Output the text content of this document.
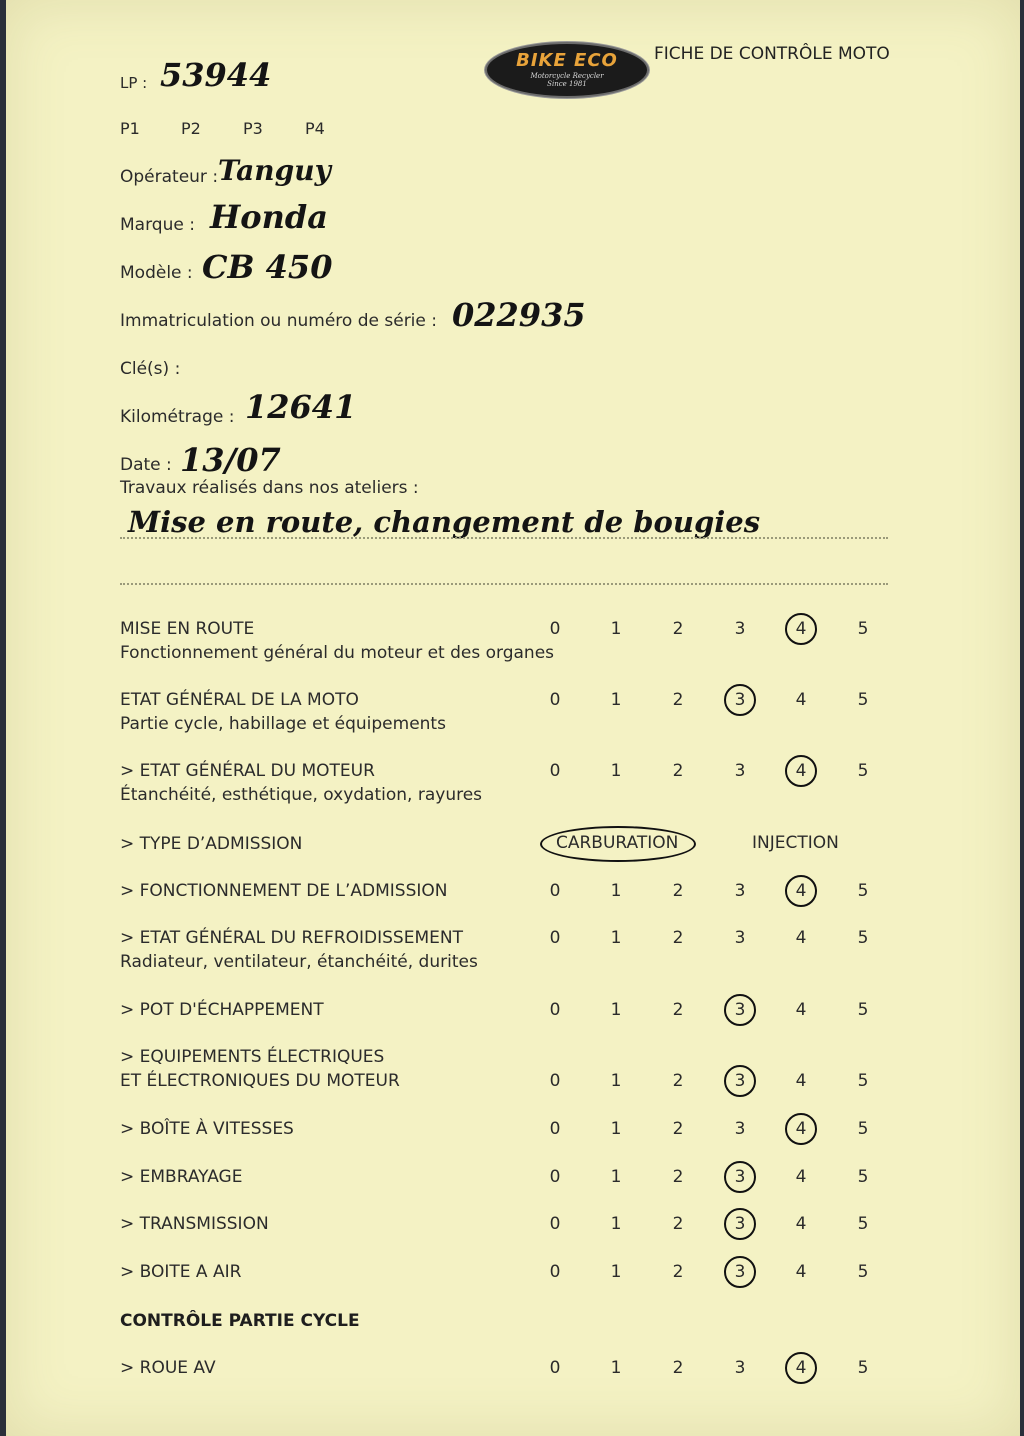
BIKE ECO
Motorcycle Recycler
Since 1981
FICHE DE CONTRÔLE MOTO
LP : 53944
P1	P2	P3	P4
Opérateur : Tanguy
Marque : Honda
Modèle : CB 450
Immatriculation ou numéro de série : 022935
Clé(s) :
Kilométrage : 12641
Date : 13/07
Travaux réalisés dans nos ateliers :
Mise en route, changement de bougies
MISE EN ROUTE
Fonctionnement général du moteur et des organes
0	1	2	3	4	5
ETAT GÉNÉRAL DE LA MOTO
Partie cycle, habillage et équipements
0	1	2	3	4	5
> ETAT GÉNÉRAL DU MOTEUR
Étanchéité, esthétique, oxydation, rayures
0	1	2	3	4	5
> FONCTIONNEMENT DE L’ADMISSION	0	1	2	3	4	5
> ETAT GÉNÉRAL DU REFROIDISSEMENT
Radiateur, ventilateur, étanchéité, durites
0	1	2	3	4	5
> POT D'ÉCHAPPEMENT	0	1	2	3	4	5
> EQUIPEMENTS ÉLECTRIQUES
ET ÉLECTRONIQUES DU MOTEUR	0	1	2	3	4	5
> BOÎTE À VITESSES	0	1	2	3	4	5
> EMBRAYAGE	0	1	2	3	4	5
> TRANSMISSION	0	1	2	3	4	5
> BOITE A AIR	0	1	2	3	4	5
> ROUE AV	0	1	2	3	4	5
> TYPE D’ADMISSION	CARBURATION	INJECTION
CONTRÔLE PARTIE CYCLE
